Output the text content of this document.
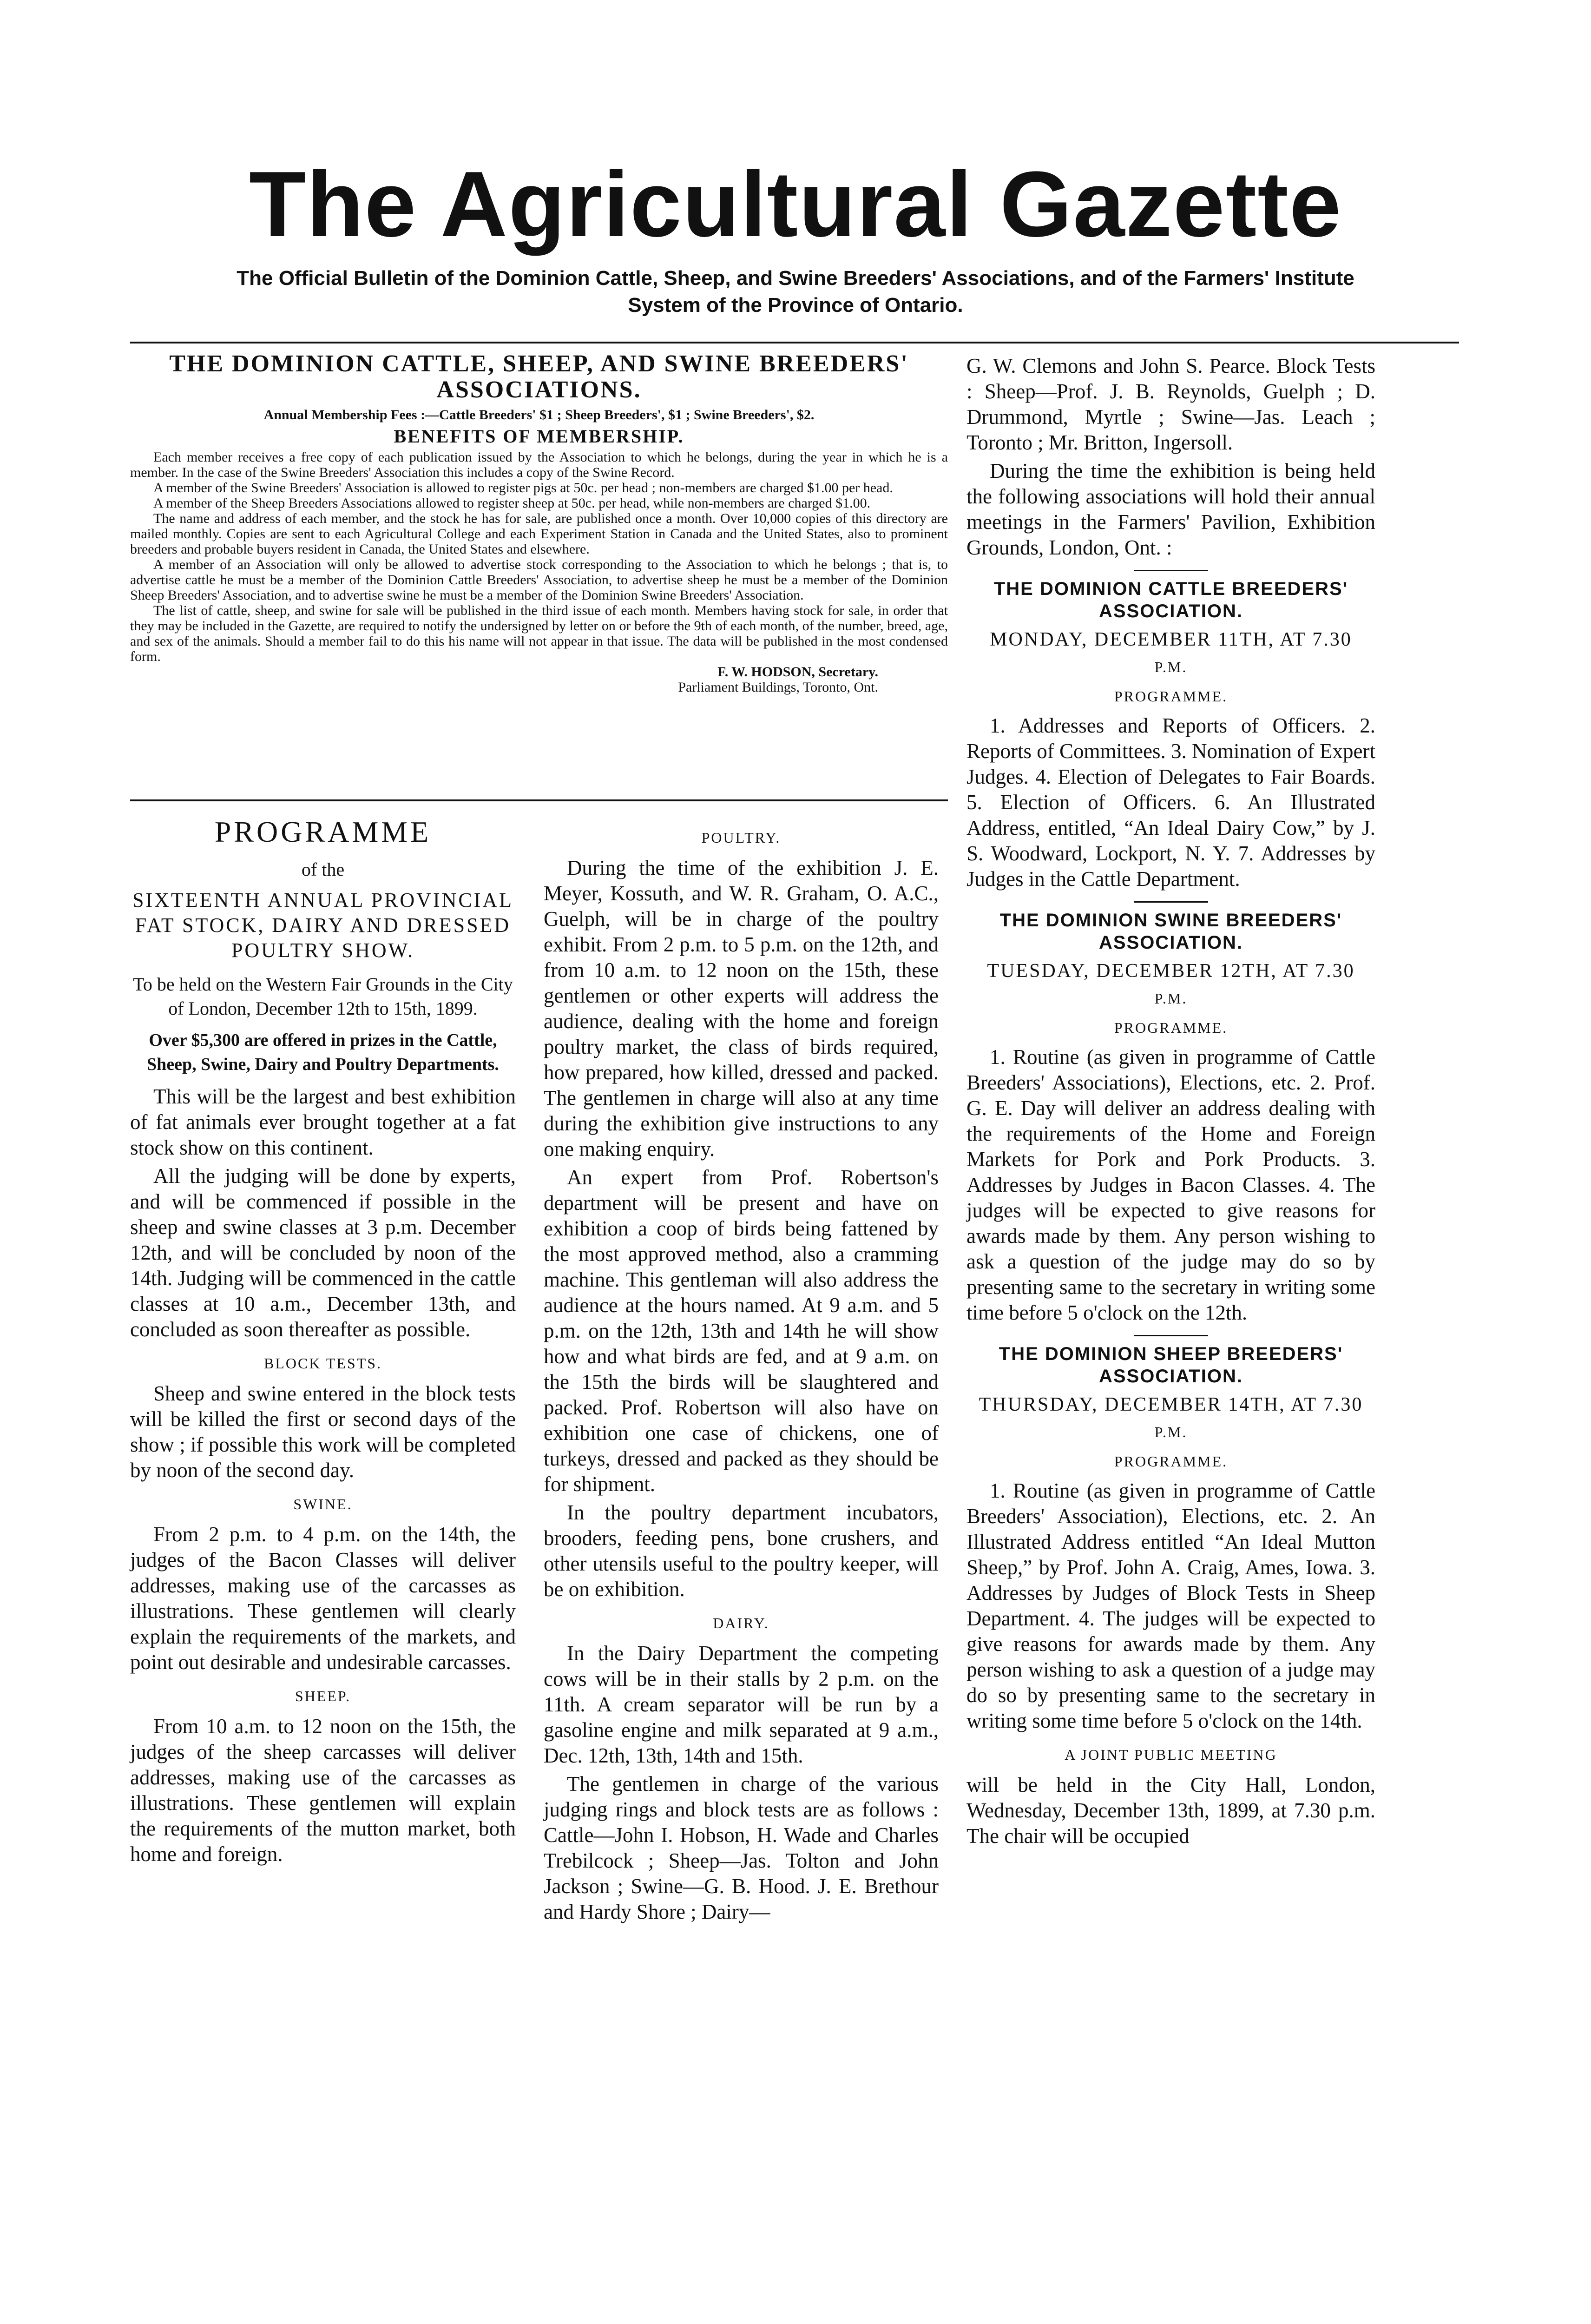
The Agricultural Gazette
The Official Bulletin of the Dominion Cattle, Sheep, and Swine Breeders' Associations, and of the Farmers' Institute System of the Province of Ontario.
THE DOMINION CATTLE, SHEEP, AND SWINE BREEDERS' ASSOCIATIONS.
Annual Membership Fees :—Cattle Breeders' $1 ; Sheep Breeders', $1 ; Swine Breeders', $2.
BENEFITS OF MEMBERSHIP.

Each member receives a free copy of each publication issued by the Association to which he belongs, during the year in which he is a member. In the case of the Swine Breeders' Association this includes a copy of the Swine Record.

A member of the Swine Breeders' Association is allowed to register pigs at 50c. per head ; non-members are charged $1.00 per head.

A member of the Sheep Breeders Associations allowed to register sheep at 50c. per head, while non-members are charged $1.00.

The name and address of each member, and the stock he has for sale, are published once a month. Over 10,000 copies of this directory are mailed monthly. Copies are sent to each Agricultural College and each Experiment Station in Canada and the United States, also to prominent breeders and probable buyers resident in Canada, the United States and elsewhere.

A member of an Association will only be allowed to advertise stock corresponding to the Association to which he belongs ; that is, to advertise cattle he must be a member of the Dominion Cattle Breeders' Association, to advertise sheep he must be a member of the Dominion Sheep Breeders' Association, and to advertise swine he must be a member of the Dominion Swine Breeders' Association.

The list of cattle, sheep, and swine for sale will be published in the third issue of each month. Members having stock for sale, in order that they may be included in the Gazette, are required to notify the undersigned by letter on or before the 9th of each month, of the number, breed, age, and sex of the animals. Should a member fail to do this his name will not appear in that issue. The data will be published in the most condensed form.

F. W. HODSON, Secretary.
Parliament Buildings, Toronto, Ont.
PROGRAMME
of the
SIXTEENTH ANNUAL PROVINCIAL FAT STOCK, DAIRY AND DRESSED POULTRY SHOW.
To be held on the Western Fair Grounds in the City of London, December 12th to 15th, 1899.
Over $5,300 are offered in prizes in the Cattle, Sheep, Swine, Dairy and Poultry Departments.

This will be the largest and best exhibition of fat animals ever brought together at a fat stock show on this continent.

All the judging will be done by experts, and will be commenced if possible in the sheep and swine classes at 3 p.m. December 12th, and will be concluded by noon of the 14th. Judging will be commenced in the cattle classes at 10 a.m., December 13th, and concluded as soon thereafter as possible.

BLOCK TESTS.

Sheep and swine entered in the block tests will be killed the first or second days of the show ; if possible this work will be completed by noon of the second day.

SWINE.

From 2 p.m. to 4 p.m. on the 14th, the judges of the Bacon Classes will deliver addresses, making use of the carcasses as illustrations. These gentlemen will clearly explain the requirements of the markets, and point out desirable and undesirable carcasses.

SHEEP.

From 10 a.m. to 12 noon on the 15th, the judges of the sheep carcasses will deliver addresses, making use of the carcasses as illustrations. These gentlemen will explain the requirements of the mutton market, both home and foreign.

POULTRY.

During the time of the exhibition J. E. Meyer, Kossuth, and W. R. Graham, O. A.C., Guelph, will be in charge of the poultry exhibit. From 2 p.m. to 5 p.m. on the 12th, and from 10 a.m. to 12 noon on the 15th, these gentlemen or other experts will address the audience, dealing with the home and foreign poultry market, the class of birds required, how prepared, how killed, dressed and packed. The gentlemen in charge will also at any time during the exhibition give instructions to any one making enquiry.

An expert from Prof. Robertson's department will be present and have on exhibition a coop of birds being fattened by the most approved method, also a cramming machine. This gentleman will also address the audience at the hours named. At 9 a.m. and 5 p.m. on the 12th, 13th and 14th he will show how and what birds are fed, and at 9 a.m. on the 15th the birds will be slaughtered and packed. Prof. Robertson will also have on exhibition one case of chickens, one of turkeys, dressed and packed as they should be for shipment.

In the poultry department incubators, brooders, feeding pens, bone crushers, and other utensils useful to the poultry keeper, will be on exhibition.

DAIRY.

In the Dairy Department the competing cows will be in their stalls by 2 p.m. on the 11th. A cream separator will be run by a gasoline engine and milk separated at 9 a.m., Dec. 12th, 13th, 14th and 15th.

The gentlemen in charge of the various judging rings and block tests are as follows : Cattle—John I. Hobson, H. Wade and Charles Trebilcock ; Sheep—Jas. Tolton and John Jackson ; Swine—G. B. Hood. J. E. Brethour and Hardy Shore ; Dairy—

G. W. Clemons and John S. Pearce. Block Tests : Sheep—Prof. J. B. Reynolds, Guelph ; D. Drummond, Myrtle ; Swine—Jas. Leach ; Toronto ; Mr. Britton, Ingersoll.

During the time the exhibition is being held the following associations will hold their annual meetings in the Farmers' Pavilion, Exhibition Grounds, London, Ont. :

THE DOMINION CATTLE BREEDERS' ASSOCIATION.
MONDAY, DECEMBER 11TH, AT 7.30
P.M.
PROGRAMME.

1. Addresses and Reports of Officers. 2. Reports of Committees. 3. Nomination of Expert Judges. 4. Election of Delegates to Fair Boards. 5. Election of Officers. 6. An Illustrated Address, entitled, “An Ideal Dairy Cow,” by J. S. Woodward, Lockport, N. Y. 7. Addresses by Judges in the Cattle Department.

THE DOMINION SWINE BREEDERS' ASSOCIATION.
TUESDAY, DECEMBER 12TH, AT 7.30
P.M.
PROGRAMME.

1. Routine (as given in programme of Cattle Breeders' Associations), Elections, etc. 2. Prof. G. E. Day will deliver an address dealing with the requirements of the Home and Foreign Markets for Pork and Pork Products. 3. Addresses by Judges in Bacon Classes. 4. The judges will be expected to give reasons for awards made by them. Any person wishing to ask a question of the judge may do so by presenting same to the secretary in writing some time before 5 o'clock on the 12th.

THE DOMINION SHEEP BREEDERS' ASSOCIATION.
THURSDAY, DECEMBER 14TH, AT 7.30
P.M.
PROGRAMME.

1. Routine (as given in programme of Cattle Breeders' Association), Elections, etc. 2. An Illustrated Address entitled “An Ideal Mutton Sheep,” by Prof. John A. Craig, Ames, Iowa. 3. Addresses by Judges of Block Tests in Sheep Department. 4. The judges will be expected to give reasons for awards made by them. Any person wishing to ask a question of a judge may do so by presenting same to the secretary in writing some time before 5 o'clock on the 14th.

A JOINT PUBLIC MEETING

will be held in the City Hall, London, Wednesday, December 13th, 1899, at 7.30 p.m. The chair will be occupied
